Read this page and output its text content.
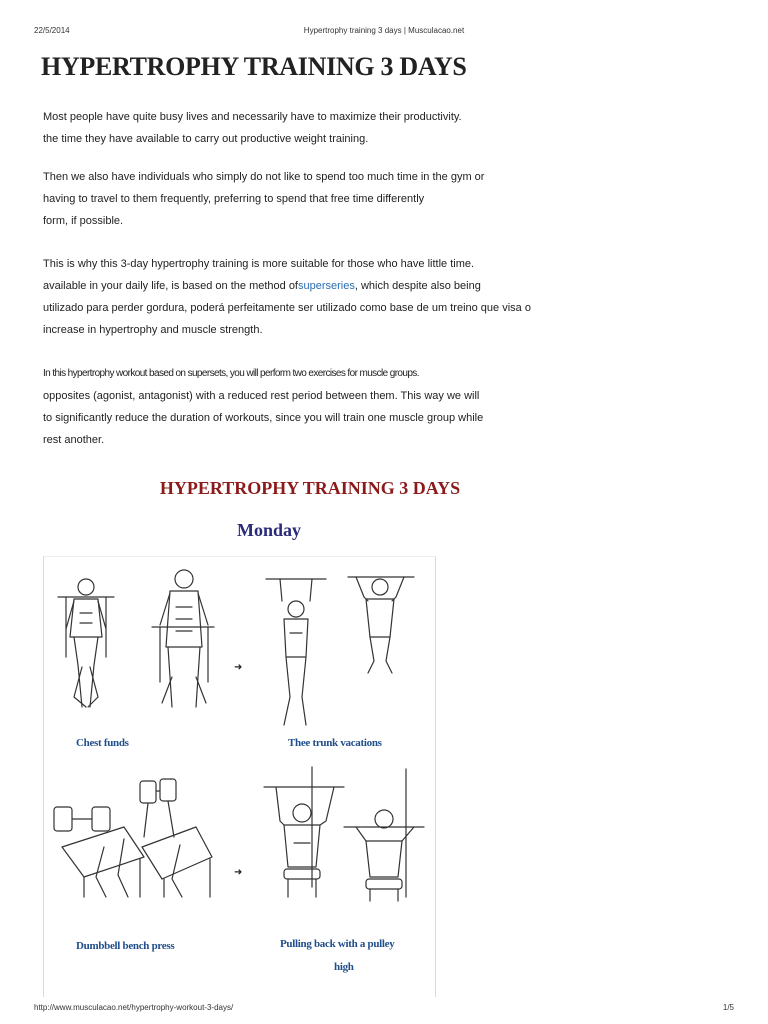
22/5/2014	Hypertrophy training 3 days | Musculacao.net
HYPERTROPHY TRAINING 3 DAYS

Most people have quite busy lives and necessarily have to maximize their productivity.
the time they have available to carry out productive weight training.

Then we also have individuals who simply do not like to spend too much time in the gym or
having to travel to them frequently, preferring to spend that free time differently
form, if possible.

This is why this 3-day hypertrophy training is more suitable for those who have little time.
available in your daily life, is based on the method ofsuperseries, which despite also being
utilizado para perder gordura, poderá perfeitamente ser utilizado como base de um treino que visa o
increase in hypertrophy and muscle strength.

In this hypertrophy workout based on supersets, you will perform two exercises for muscle groups.
opposites (agonist, antagonist) with a reduced rest period between them. This way we will
to significantly reduce the duration of workouts, since you will train one muscle group while
rest another.

HYPERTROPHY TRAINING 3 DAYS
Monday
➜
➜
Chest funds	Thee trunk vacations
Dumbbell bench press	Pulling back with a pulley
high
http://www.musculacao.net/hypertrophy-workout-3-days/	1/5
